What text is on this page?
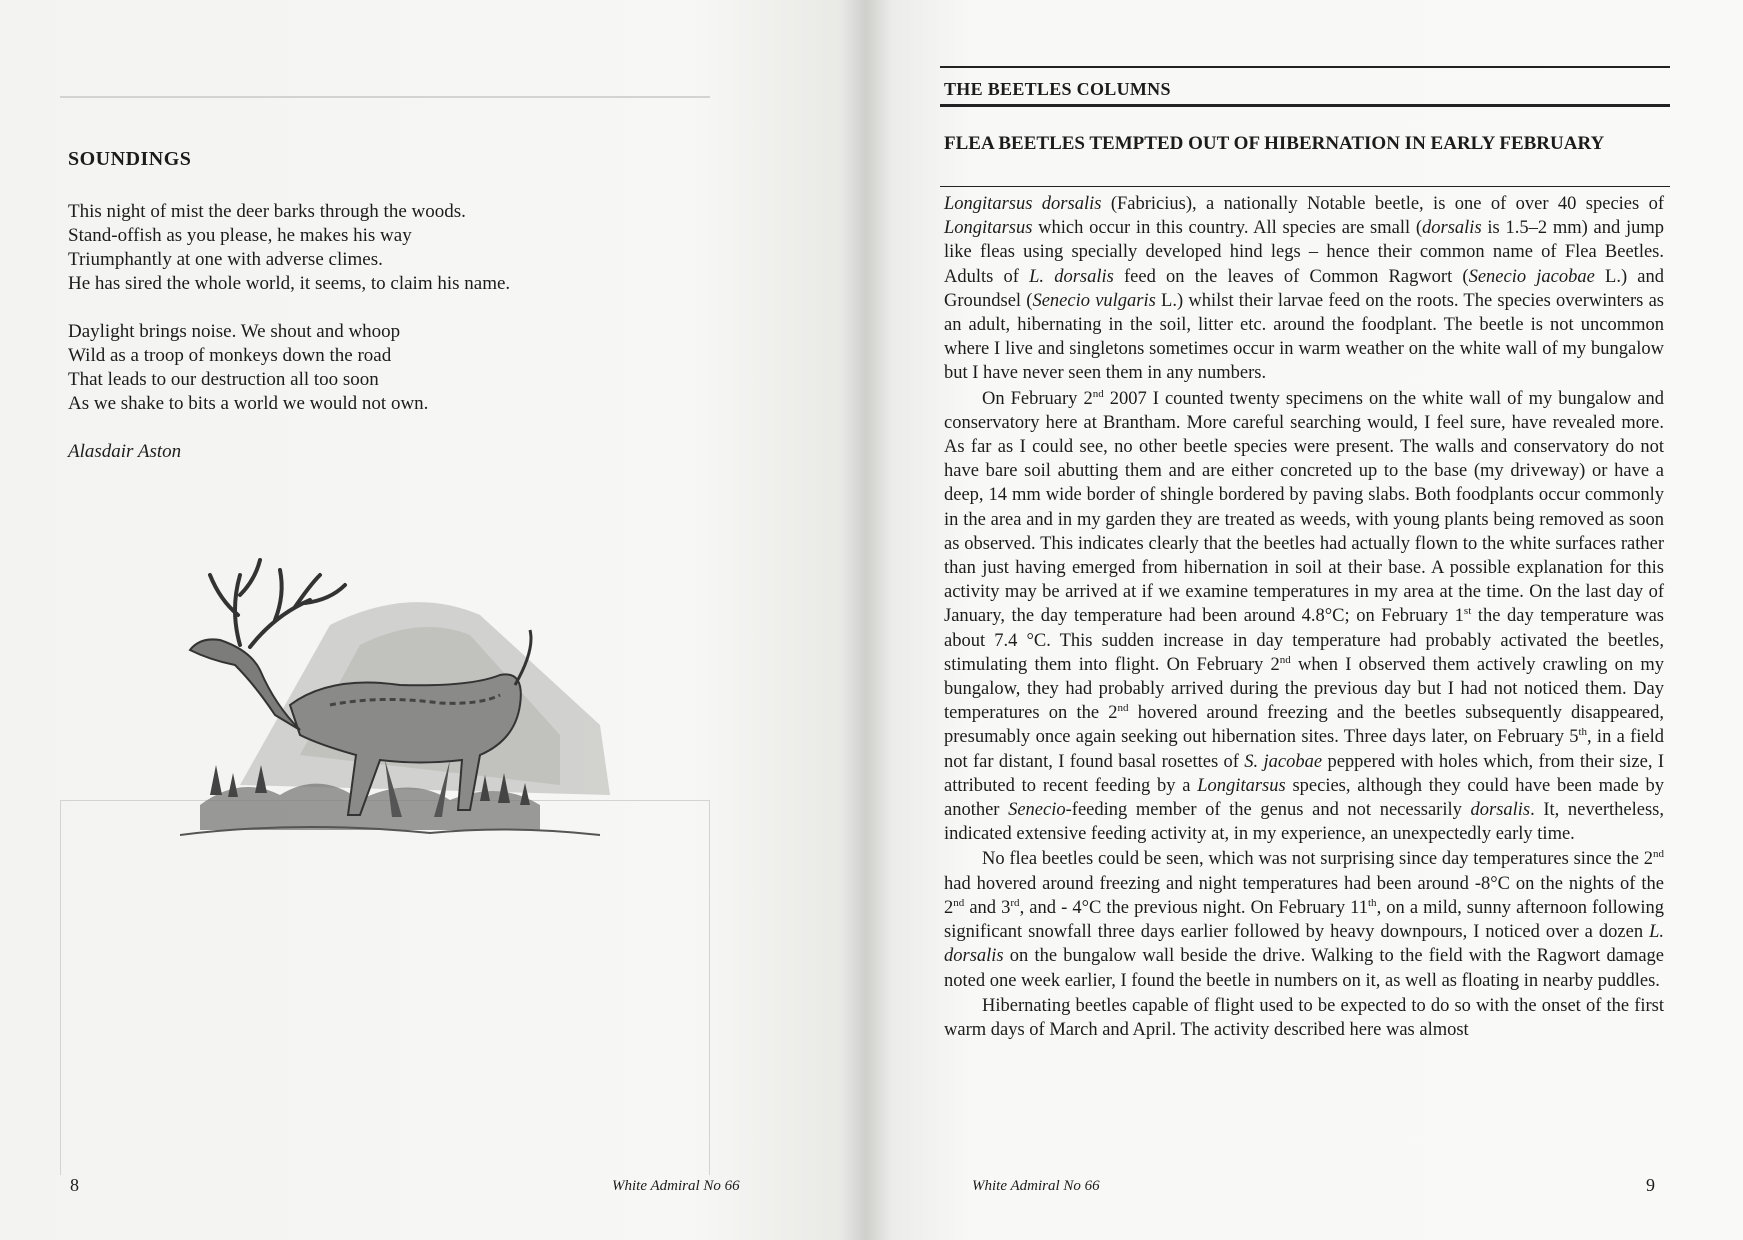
SOUNDINGS
This night of mist the deer barks through the woods.
Stand-offish as you please, he makes his way
Triumphantly at one with adverse climes.
He has sired the whole world, it seems, to claim his name.
Daylight brings noise. We shout and whoop
Wild as a troop of monkeys down the road
That leads to our destruction all too soon
As we shake to bits a world we would not own.
Alasdair Aston
8	White Admiral No 66
THE BEETLES COLUMNS
FLEA BEETLES TEMPTED OUT OF HIBERNATION IN EARLY FEBRUARY

Longitarsus dorsalis (Fabricius), a nationally Notable beetle, is one of over 40 species of Longitarsus which occur in this country. All species are small (dorsalis is 1.5–2 mm) and jump like fleas using specially developed hind legs – hence their common name of Flea Beetles. Adults of L. dorsalis feed on the leaves of Common Ragwort (Senecio jacobae L.) and Groundsel (Senecio vulgaris L.) whilst their larvae feed on the roots. The species overwinters as an adult, hibernating in the soil, litter etc. around the foodplant. The beetle is not uncommon where I live and singletons sometimes occur in warm weather on the white wall of my bungalow but I have never seen them in any numbers.

On February 2nd 2007 I counted twenty specimens on the white wall of my bungalow and conservatory here at Brantham. More careful searching would, I feel sure, have revealed more. As far as I could see, no other beetle species were present. The walls and conservatory do not have bare soil abutting them and are either concreted up to the base (my driveway) or have a deep, 14 mm wide border of shingle bordered by paving slabs. Both foodplants occur commonly in the area and in my garden they are treated as weeds, with young plants being removed as soon as observed. This indicates clearly that the beetles had actually flown to the white surfaces rather than just having emerged from hibernation in soil at their base. A possible explanation for this activity may be arrived at if we examine temperatures in my area at the time. On the last day of January, the day temperature had been around 4.8°C; on February 1st the day temperature was about 7.4 °C. This sudden increase in day temperature had probably activated the beetles, stimulating them into flight. On February 2nd when I observed them actively crawling on my bungalow, they had probably arrived during the previous day but I had not noticed them. Day temperatures on the 2nd hovered around freezing and the beetles subsequently disappeared, presumably once again seeking out hibernation sites. Three days later, on February 5th, in a field not far distant, I found basal rosettes of S. jacobae peppered with holes which, from their size, I attributed to recent feeding by a Longitarsus species, although they could have been made by another Senecio-feeding member of the genus and not necessarily dorsalis. It, nevertheless, indicated extensive feeding activity at, in my experience, an unexpectedly early time.

No flea beetles could be seen, which was not surprising since day temperatures since the 2nd had hovered around freezing and night temperatures had been around -8°C on the nights of the 2nd and 3rd, and - 4°C the previous night. On February 11th, on a mild, sunny afternoon following significant snowfall three days earlier followed by heavy downpours, I noticed over a dozen L. dorsalis on the bungalow wall beside the drive. Walking to the field with the Ragwort damage noted one week earlier, I found the beetle in numbers on it, as well as floating in nearby puddles.

Hibernating beetles capable of flight used to be expected to do so with the onset of the first warm days of March and April. The activity described here was almost

White Admiral No 66	9
